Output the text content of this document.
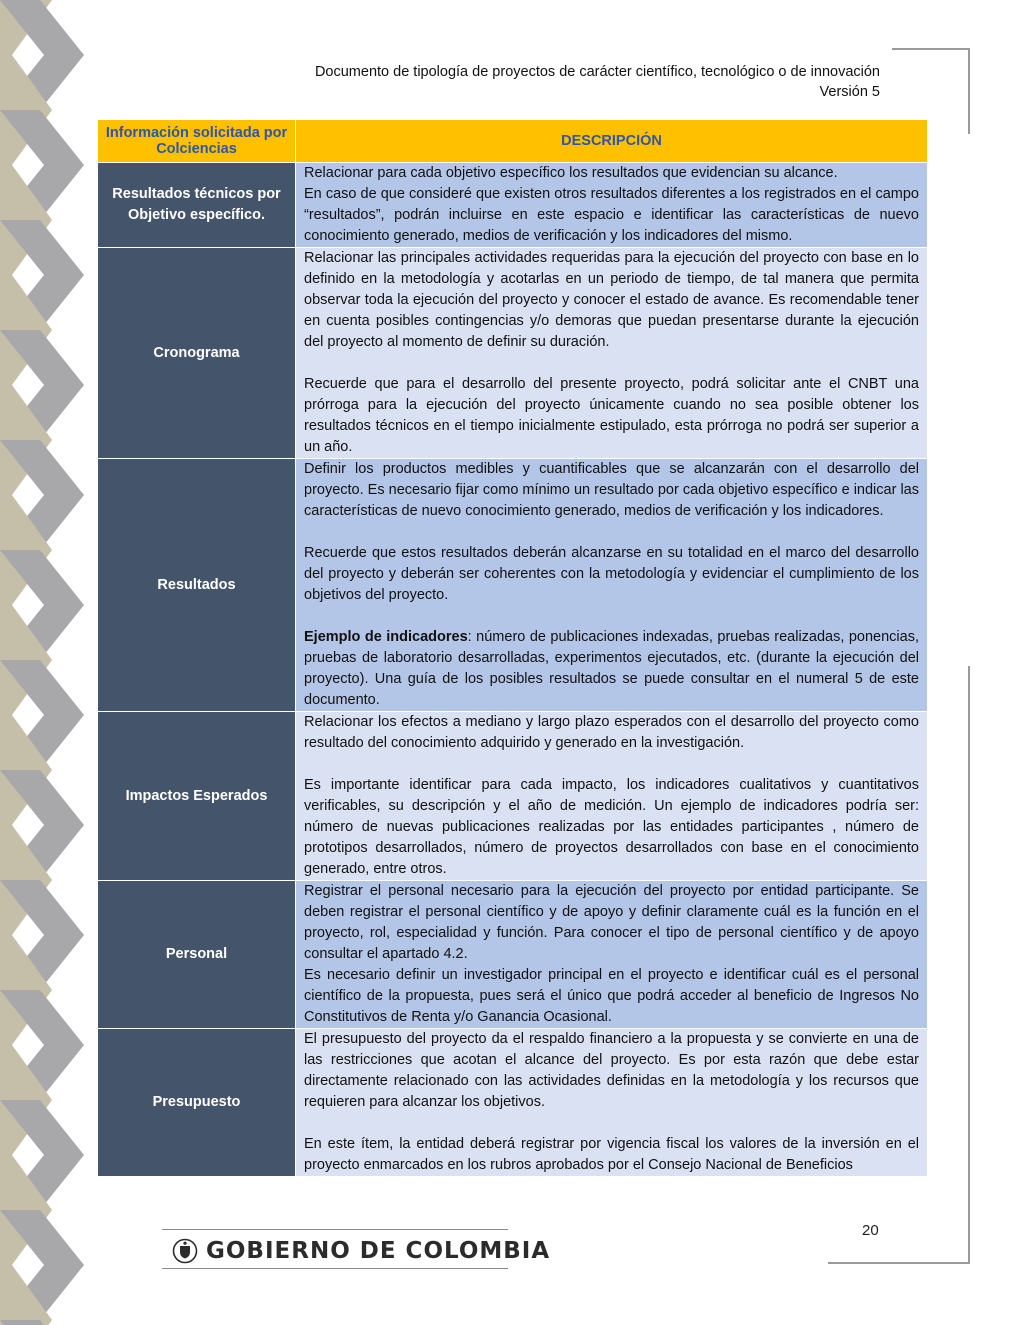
Documento de tipología de proyectos de carácter científico, tecnológico o de innovación
Versión 5
Información solicitada por Colciencias	DESCRIPCIÓN
Resultados técnicos por Objetivo específico.	Relacionar para cada objetivo específico los resultados que evidencian su alcance.

En caso de que consideré que existen otros resultados diferentes a los registrados en el campo “resultados”, podrán incluirse en este espacio e identificar las características de nuevo conocimiento generado, medios de verificación y los indicadores del mismo.

Cronograma	Relacionar las principales actividades requeridas para la ejecución del proyecto con base en lo definido en la metodología y acotarlas en un periodo de tiempo, de tal manera que permita observar toda la ejecución del proyecto y conocer el estado de avance. Es recomendable tener en cuenta posibles contingencias y/o demoras que puedan presentarse durante la ejecución del proyecto al momento de definir su duración.

Recuerde que para el desarrollo del presente proyecto, podrá solicitar ante el CNBT una prórroga para la ejecución del proyecto únicamente cuando no sea posible obtener los resultados técnicos en el tiempo inicialmente estipulado, esta prórroga no podrá ser superior a un año.

Resultados	Definir los productos medibles y cuantificables que se alcanzarán con el desarrollo del proyecto. Es necesario fijar como mínimo un resultado por cada objetivo específico e indicar las características de nuevo conocimiento generado, medios de verificación y los indicadores.

Recuerde que estos resultados deberán alcanzarse en su totalidad en el marco del desarrollo del proyecto y deberán ser coherentes con la metodología y evidenciar el cumplimiento de los objetivos del proyecto.

Ejemplo de indicadores: número de publicaciones indexadas, pruebas realizadas, ponencias, pruebas de laboratorio desarrolladas, experimentos ejecutados, etc. (durante la ejecución del proyecto). Una guía de los posibles resultados se puede consultar en el numeral 5 de este documento.

Impactos Esperados	Relacionar los efectos a mediano y largo plazo esperados con el desarrollo del proyecto como resultado del conocimiento adquirido y generado en la investigación.

Es importante identificar para cada impacto, los indicadores cualitativos y cuantitativos verificables, su descripción y el año de medición. Un ejemplo de indicadores podría ser: número de nuevas publicaciones realizadas por las entidades participantes , número de prototipos desarrollados, número de proyectos desarrollados con base en el conocimiento generado, entre otros.

Personal	Registrar el personal necesario para la ejecución del proyecto por entidad participante. Se deben registrar el personal científico y de apoyo y definir claramente cuál es la función en el proyecto, rol, especialidad y función. Para conocer el tipo de personal científico y de apoyo consultar el apartado 4.2.

Es necesario definir un investigador principal en el proyecto e identificar cuál es el personal científico de la propuesta, pues será el único que podrá acceder al beneficio de Ingresos No Constitutivos de Renta y/o Ganancia Ocasional.

Presupuesto	El presupuesto del proyecto da el respaldo financiero a la propuesta y se convierte en una de las restricciones que acotan el alcance del proyecto. Es por esta razón que debe estar directamente relacionado con las actividades definidas en la metodología y los recursos que requieren para alcanzar los objetivos.

En este ítem, la entidad deberá registrar por vigencia fiscal los valores de la inversión en el proyecto enmarcados en los rubros aprobados por el Consejo Nacional de Beneficios

20
GOBIERNO DE COLOMBIA
